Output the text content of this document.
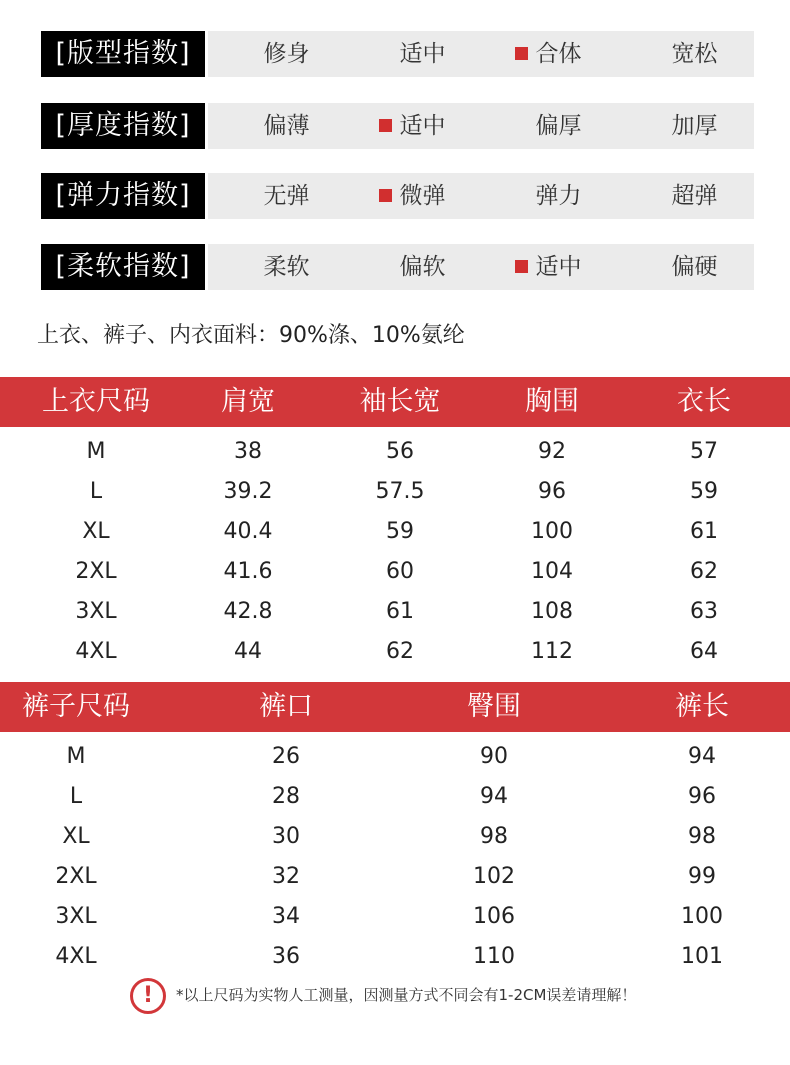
[版型指数]	修身	适中	合体	宽松
[厚度指数]	偏薄	适中	偏厚	加厚
[弹力指数]	无弹	微弹	弹力	超弹
[柔软指数]	柔软	偏软	适中	偏硬
上衣、裤子、内衣面料：90%涤、10%氨纶
上衣尺码	肩宽	袖长宽	胸围	衣长
M	38	56	92	57
L	39.2	57.5	96	59
XL	40.4	59	100	61
2XL	41.6	60	104	62
3XL	42.8	61	108	63
4XL	44	62	112	64
裤子尺码	裤口	臀围	裤长
M	26	90	94
L	28	94	96
XL	30	98	98
2XL	32	102	99
3XL	34	106	100
4XL	36	110	101
!	*以上尺码为实物人工测量，因测量方式不同会有1-2CM误差请理解！
